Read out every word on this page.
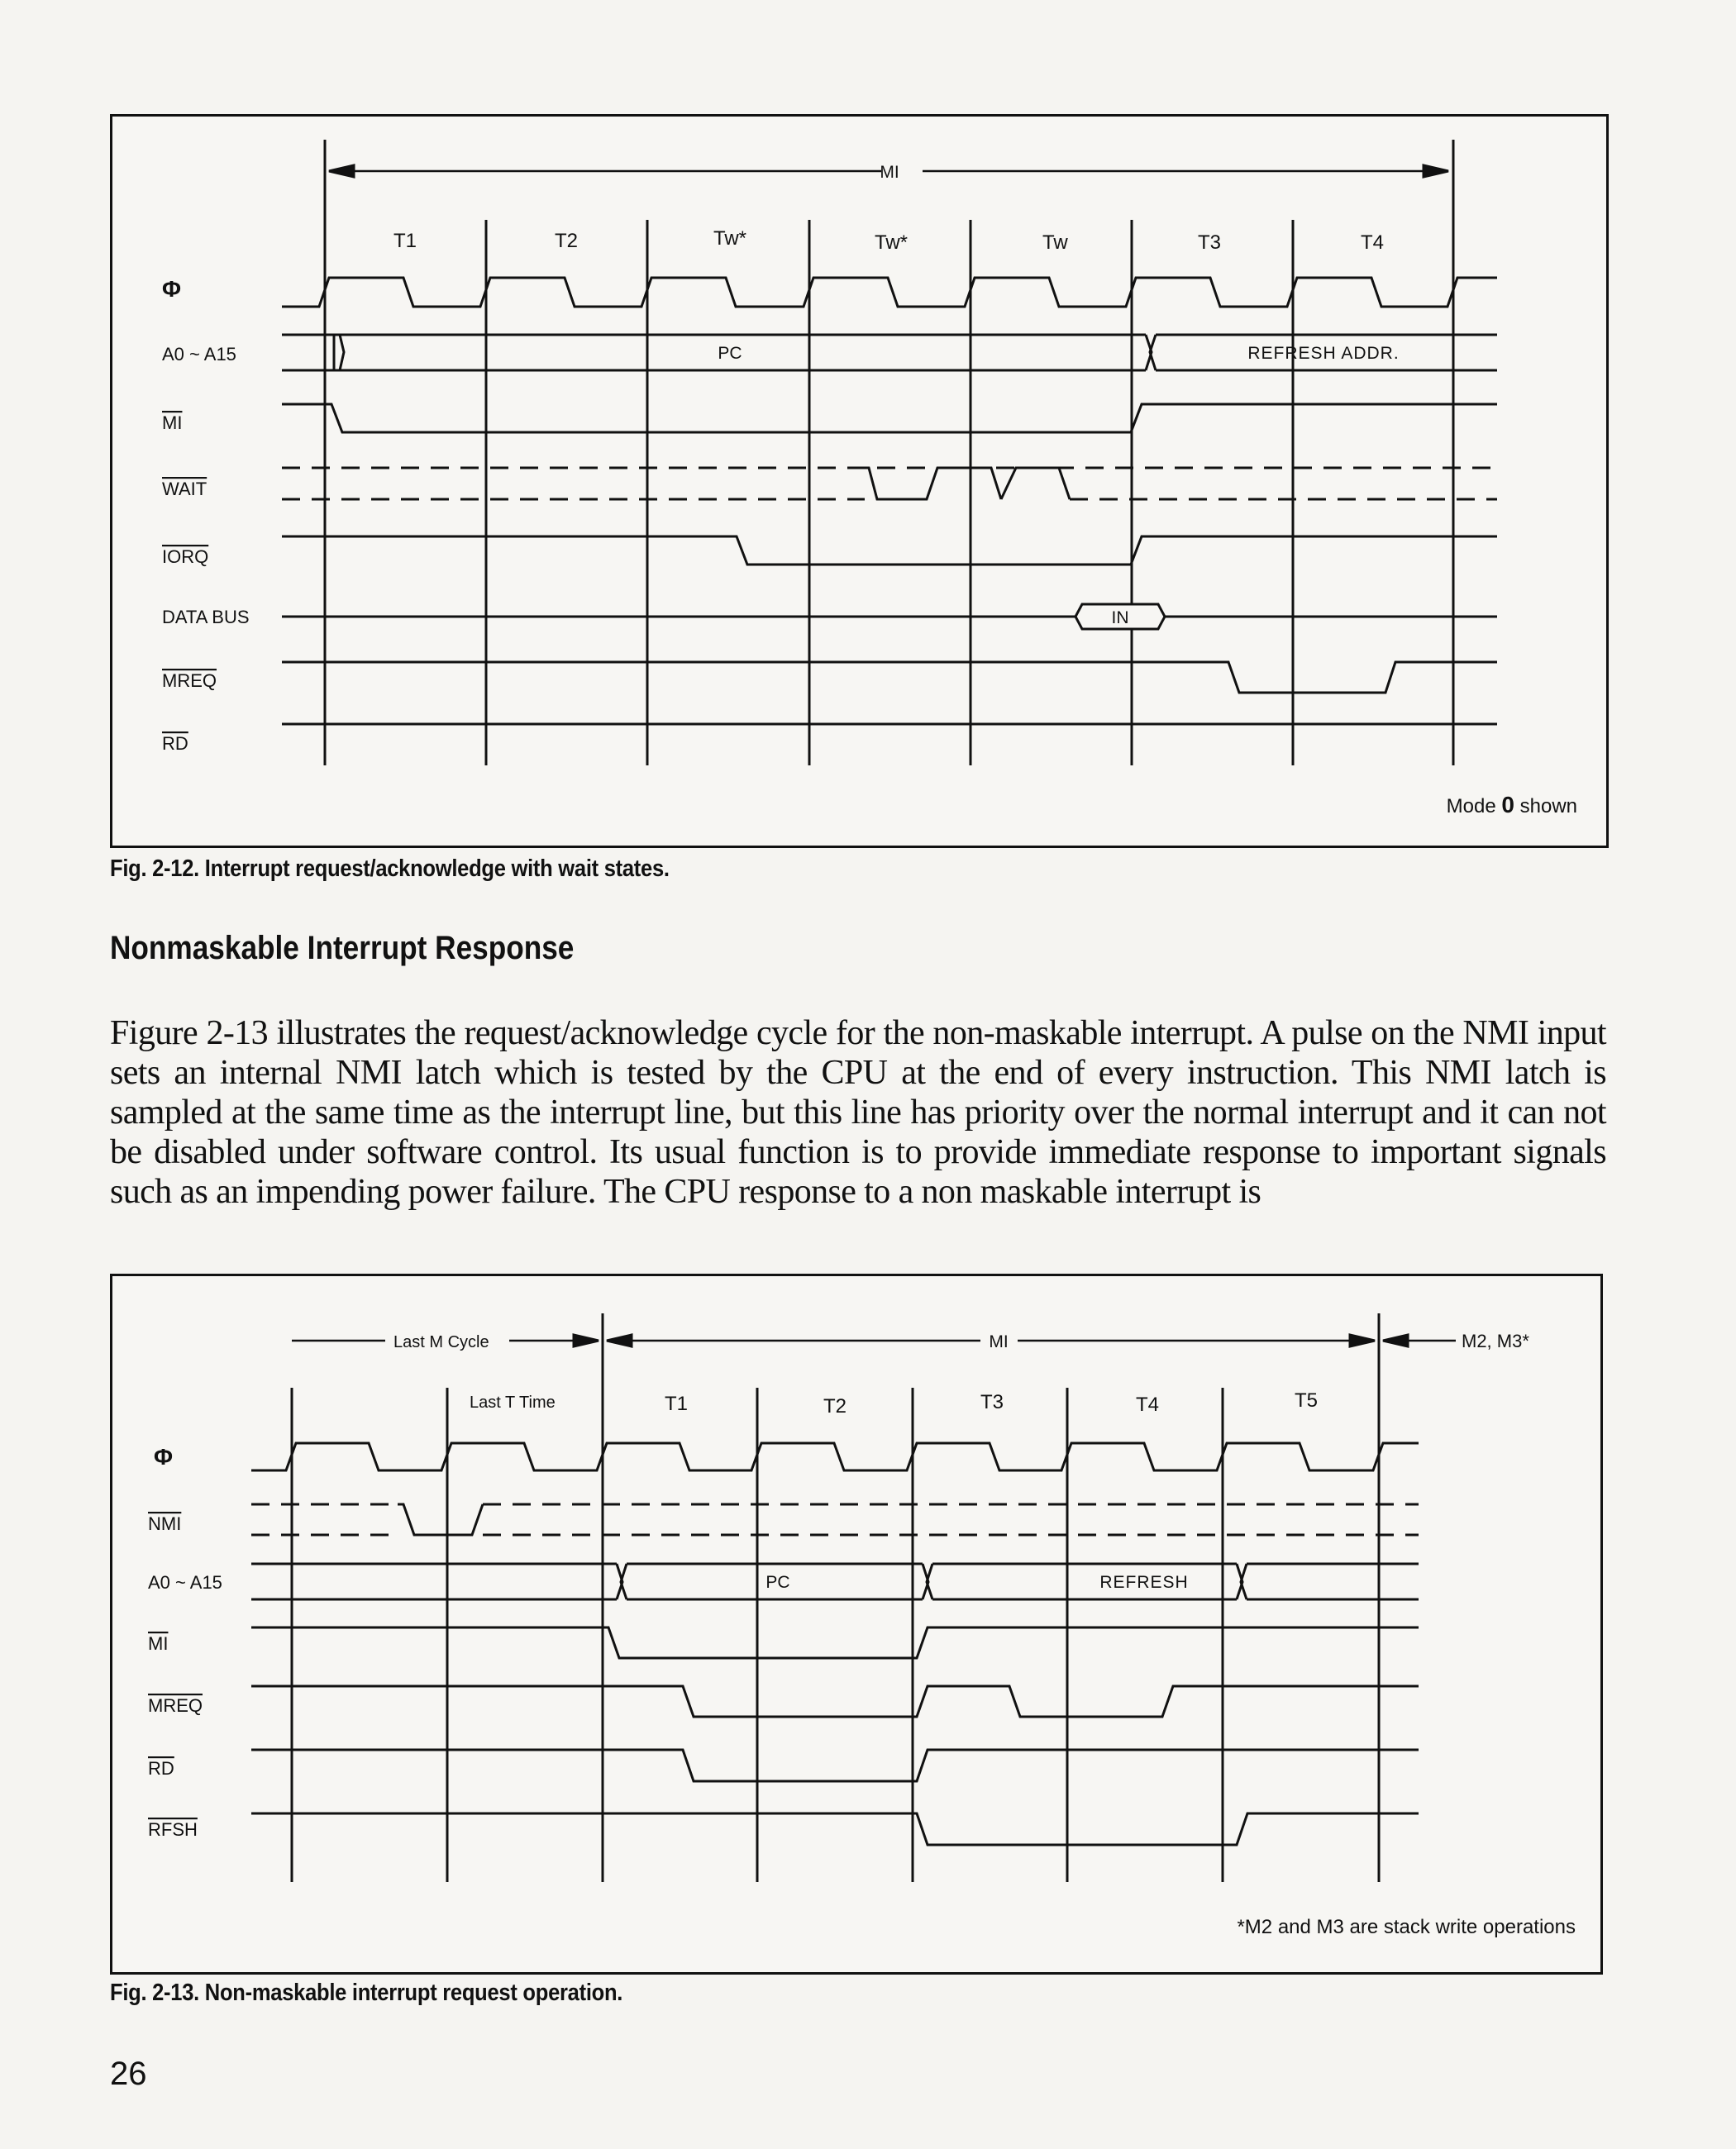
MI
T1	T2	Tw*	Tw*	Tw	T3	T4
Φ
A0 ~ A15
MI
WAIT
IORQ
DATA BUS
MREQ
RD
PC	REFRESH ADDR.
IN
Mode 0 shown
Fig. 2-12. Interrupt request/acknowledge with wait states.
Nonmaskable Interrupt Response
Figure 2-13 illustrates the request/acknowledge cycle for the non-maskable interrupt. A pulse on the NMI input sets an internal NMI latch which is tested by the CPU at the end of every instruction. This NMI latch is sampled at the same time as the interrupt line, but this line has priority over the normal interrupt and it can not be disabled under software control. Its usual function is to provide immediate response to important signals such as an impending power failure. The CPU response to a non maskable interrupt is
Last M Cycle	MI	M2, M3*
Last T Time	T1	T2	T3	T4	T5
Φ
NMI
A0 ~ A15
MI
MREQ
RD
RFSH
PC	REFRESH
*M2 and M3 are stack write operations
Fig. 2-13. Non-maskable interrupt request operation.
26
